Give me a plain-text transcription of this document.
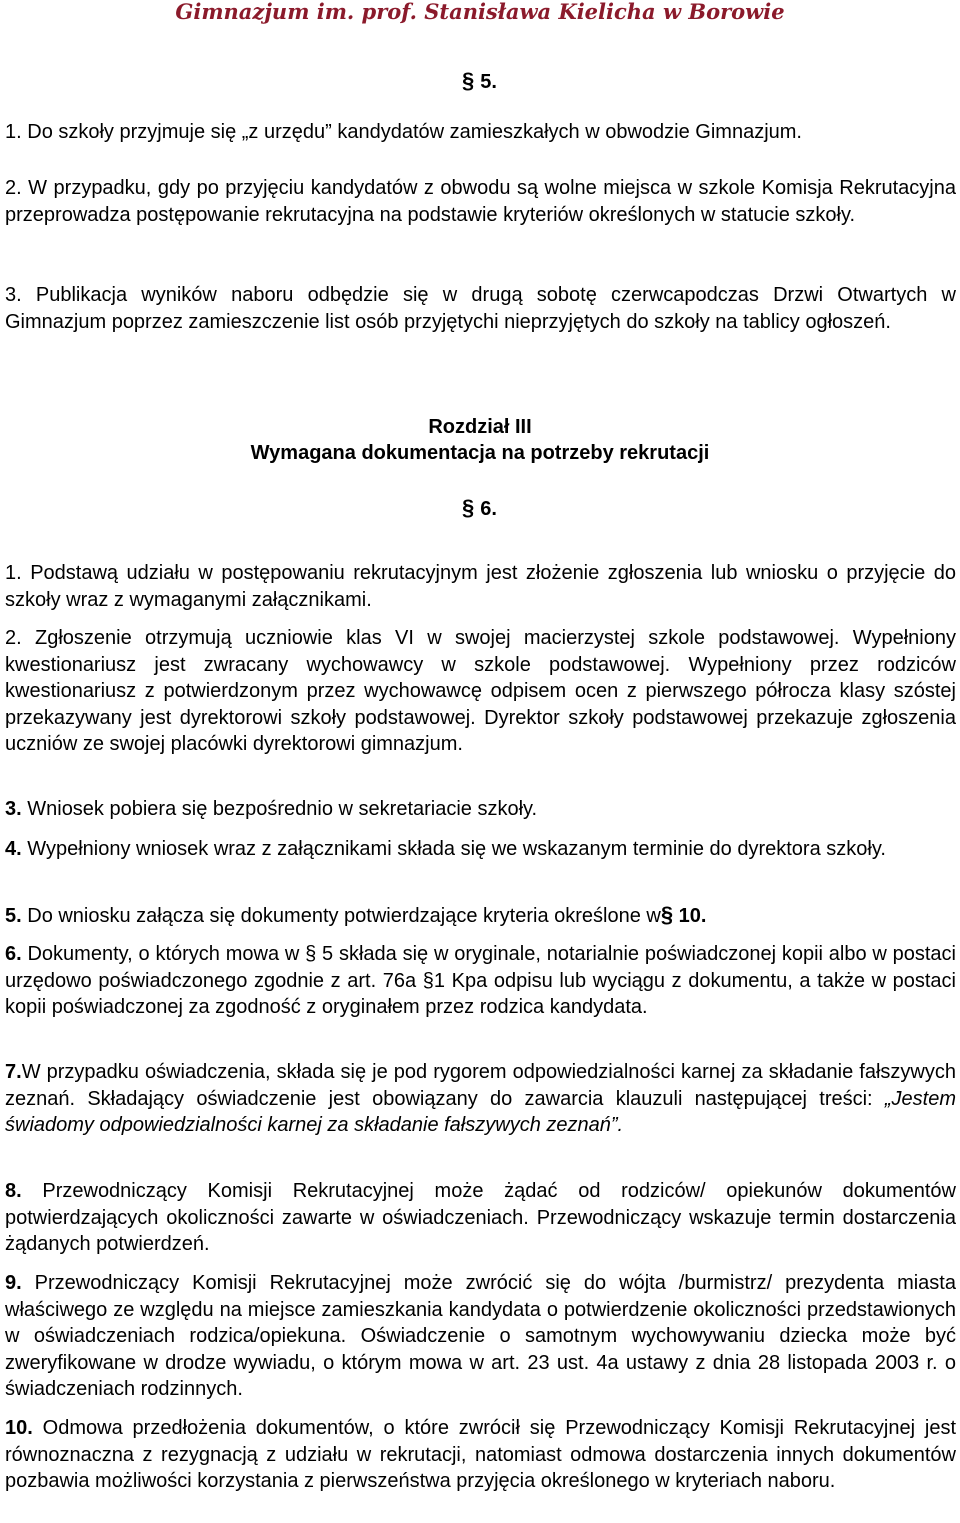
Gimnazjum im. prof. Stanisława Kielicha w Borowie
§ 5.
1. Do szkoły przyjmuje się „z urzędu” kandydatów zamieszkałych w obwodzie Gimnazjum.
2. W przypadku, gdy po przyjęciu kandydatów z obwodu są wolne miejsca w szkole Komisja Rekrutacyjna przeprowadza postępowanie rekrutacyjna na podstawie kryteriów określonych w statucie szkoły.
3. Publikacja wyników naboru odbędzie się w drugą sobotę czerwcapodczas Drzwi Otwartych w Gimnazjum poprzez zamieszczenie list osób przyjętychi nieprzyjętych do szkoły na tablicy ogłoszeń.
Rozdział III
Wymagana dokumentacja na potrzeby rekrutacji
§ 6.
1. Podstawą udziału w postępowaniu rekrutacyjnym jest złożenie zgłoszenia lub wniosku o przyjęcie do szkoły wraz z wymaganymi załącznikami.
2. Zgłoszenie otrzymują uczniowie klas VI w swojej macierzystej szkole podstawowej. Wypełniony kwestionariusz jest zwracany wychowawcy w szkole podstawowej. Wypełniony przez rodziców kwestionariusz z potwierdzonym przez wychowawcę odpisem ocen z pierwszego półrocza klasy szóstej przekazywany jest dyrektorowi szkoły podstawowej. Dyrektor szkoły podstawowej przekazuje zgłoszenia uczniów ze swojej placówki dyrektorowi gimnazjum.
3. Wniosek pobiera się bezpośrednio w sekretariacie szkoły.
4. Wypełniony wniosek wraz z załącznikami składa się we wskazanym terminie do dyrektora szkoły.
5. Do wniosku załącza się dokumenty potwierdzające kryteria określone w§ 10.
6. Dokumenty, o których mowa w § 5 składa się w oryginale, notarialnie poświadczonej kopii albo w postaci urzędowo poświadczonego zgodnie z art. 76a §1 Kpa odpisu lub wyciągu z dokumentu, a także w postaci kopii poświadczonej za zgodność z oryginałem przez rodzica kandydata.
7.W przypadku oświadczenia, składa się je pod rygorem odpowiedzialności karnej za składanie fałszywych zeznań. Składający oświadczenie jest obowiązany do zawarcia klauzuli następującej treści: „Jestem świadomy odpowiedzialności karnej za składanie fałszywych zeznań”.
8. Przewodniczący Komisji Rekrutacyjnej może żądać od rodziców/ opiekunów dokumentów potwierdzających okoliczności zawarte w oświadczeniach. Przewodniczący wskazuje termin dostarczenia żądanych potwierdzeń.
9. Przewodniczący Komisji Rekrutacyjnej może zwrócić się do wójta /burmistrz/ prezydenta miasta właściwego ze względu na miejsce zamieszkania kandydata o potwierdzenie okoliczności przedstawionych w oświadczeniach rodzica/opiekuna. Oświadczenie o samotnym wychowywaniu dziecka może być zweryfikowane w drodze wywiadu, o którym mowa w art. 23 ust. 4a ustawy z dnia 28 listopada 2003 r. o świadczeniach rodzinnych.
10. Odmowa przedłożenia dokumentów, o które zwrócił się Przewodniczący Komisji Rekrutacyjnej jest równoznaczna z rezygnacją z udziału w rekrutacji, natomiast odmowa dostarczenia innych dokumentów pozbawia możliwości korzystania z pierwszeństwa przyjęcia określonego w kryteriach naboru.
